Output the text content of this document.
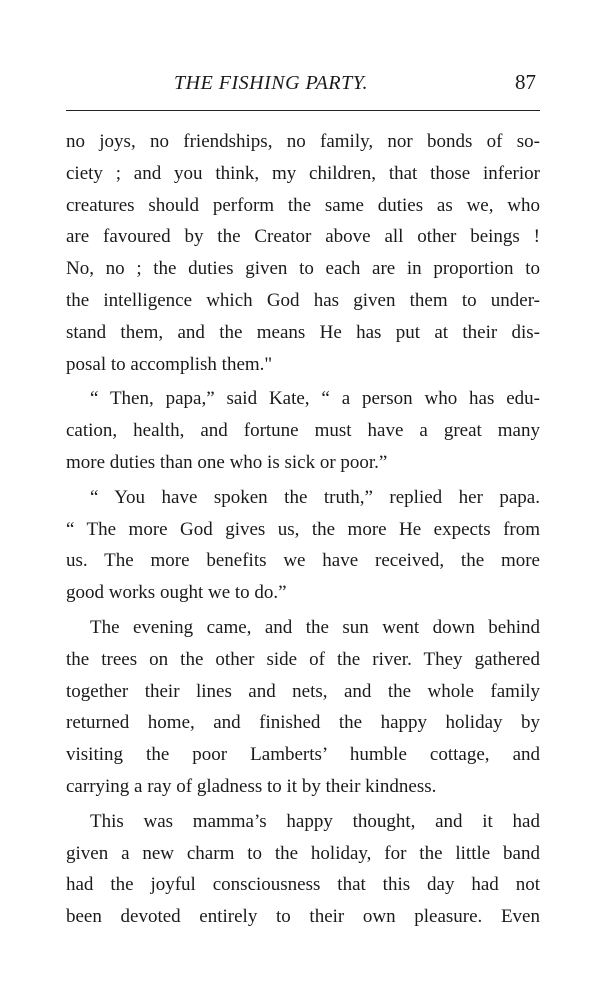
THE FISHING PARTY.	87
no joys, no friendships, no family, nor bonds of so-
ciety ; and you think, my children, that those inferior
creatures should perform the same duties as we, who
are favoured by the Creator above all other beings !
No, no ; the duties given to each are in proportion to
the intelligence which God has given them to under-
stand them, and the means He has put at their dis-
posal to accomplish them."
“ Then, papa,” said Kate, “ a person who has edu-
cation, health, and fortune must have a great many
more duties than one who is sick or poor.”
“ You have spoken the truth,” replied her papa.
“ The more God gives us, the more He expects from
us. The more benefits we have received, the more
good works ought we to do.”
The evening came, and the sun went down behind
the trees on the other side of the river. They gathered
together their lines and nets, and the whole family
returned home, and finished the happy holiday by
visiting the poor Lamberts’ humble cottage, and
carrying a ray of gladness to it by their kindness.
This was mamma’s happy thought, and it had
given a new charm to the holiday, for the little band
had the joyful consciousness that this day had not
been devoted entirely to their own pleasure. Even
